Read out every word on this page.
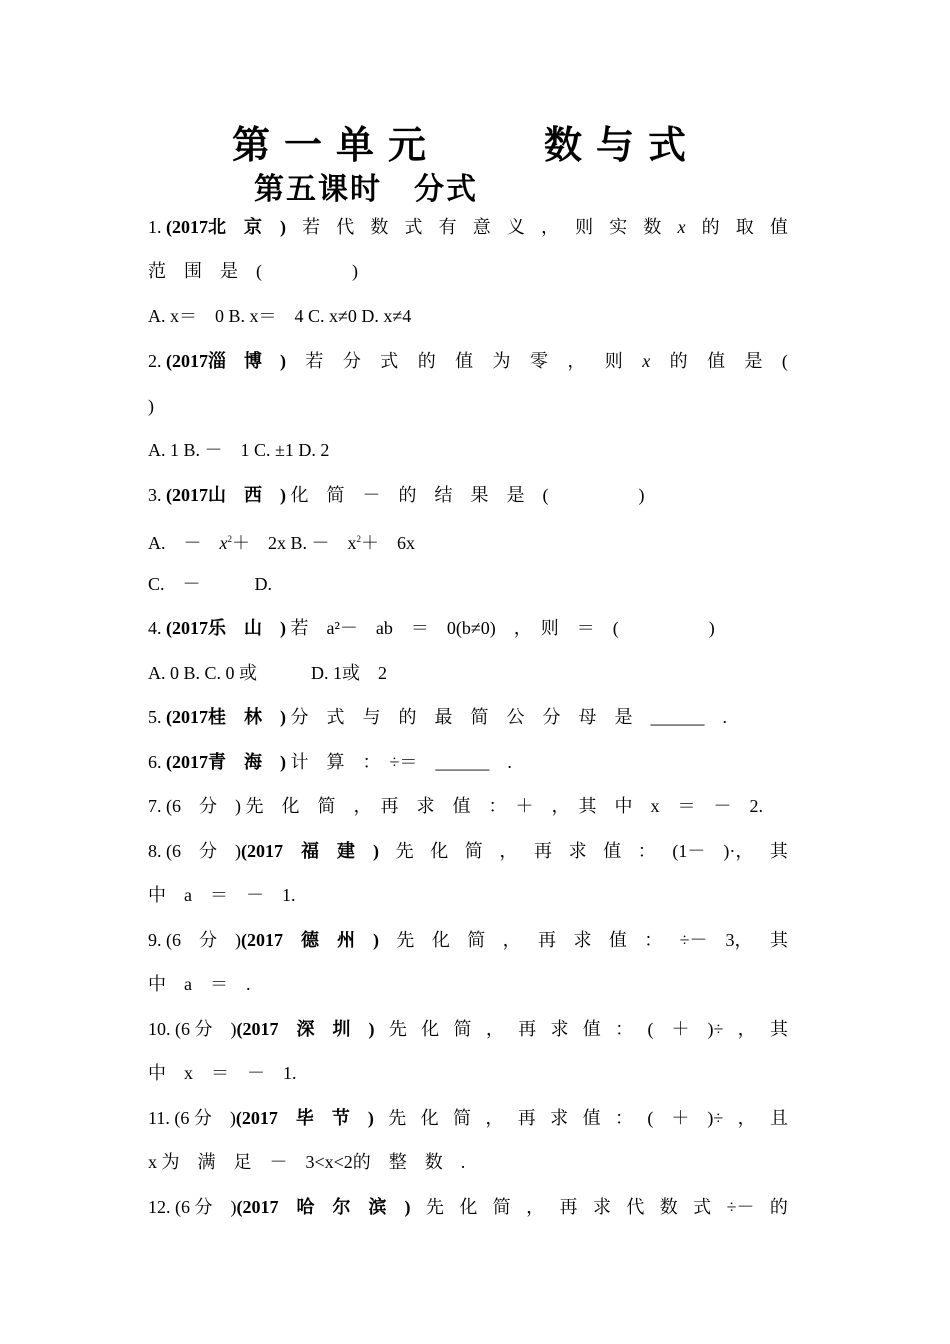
第一单元　　数与式
第五课时　分式
1. (2017北　京　) 若 代 数 式 有 意 义 ， 则 实 数 x 的 取 值
范　围　是　(　　　　　)
A. x＝　0 B. x＝　4 C. x≠0 D. x≠4
2. (2017淄　博　) 若 分 式 的 值 为 零 ， 则 x 的 值 是 (
)
A. 1 B. －　1 C. ±1 D. 2
3. (2017山　西　) 化　简　－　的　结　果　是　(　　　　　)
A.　－　$x^2+$　2x B. －　$x^2+$　6x
C.　－　　　D.
4. (2017乐　山　) 若　a²－　ab　＝　0(b≠0)　，　则　＝　(　　　　　)
A. 0 B. C. 0 或　　　D. 1或　2
5. (2017桂　林　) 分　式　与　的　最　简　公　分　母　是　______　.
6. (2017青　海　) 计　算　：　÷＝　______　.
7. (6　分　) 先　化　简　，　再　求　值　：　＋　，　其　中　x　＝　－　2.
8. (6　分　)(2017　福　建　) 先 化 简 ， 再 求 值 ： (1－　)·， 其
中　a　＝　－　1.
9. (6　分　)(2017　德　州　) 先 化 简 ， 再 求 值 ： ÷－　3， 其
中　a　＝　.
10. (6 分　)(2017　深　圳　) 先 化 简 ， 再 求 值 ： (　＋　)÷ ， 其
中　x　＝　－　1.
11. (6 分　)(2017　毕　节　) 先 化 简 ， 再 求 值 ： (　＋　)÷ ， 且
x 为　满　足　－　3<x<2的　整　数　.
12. (6 分　)(2017　哈　尔　滨　) 先 化 简 ， 再 求 代 数 式 ÷－ 的
